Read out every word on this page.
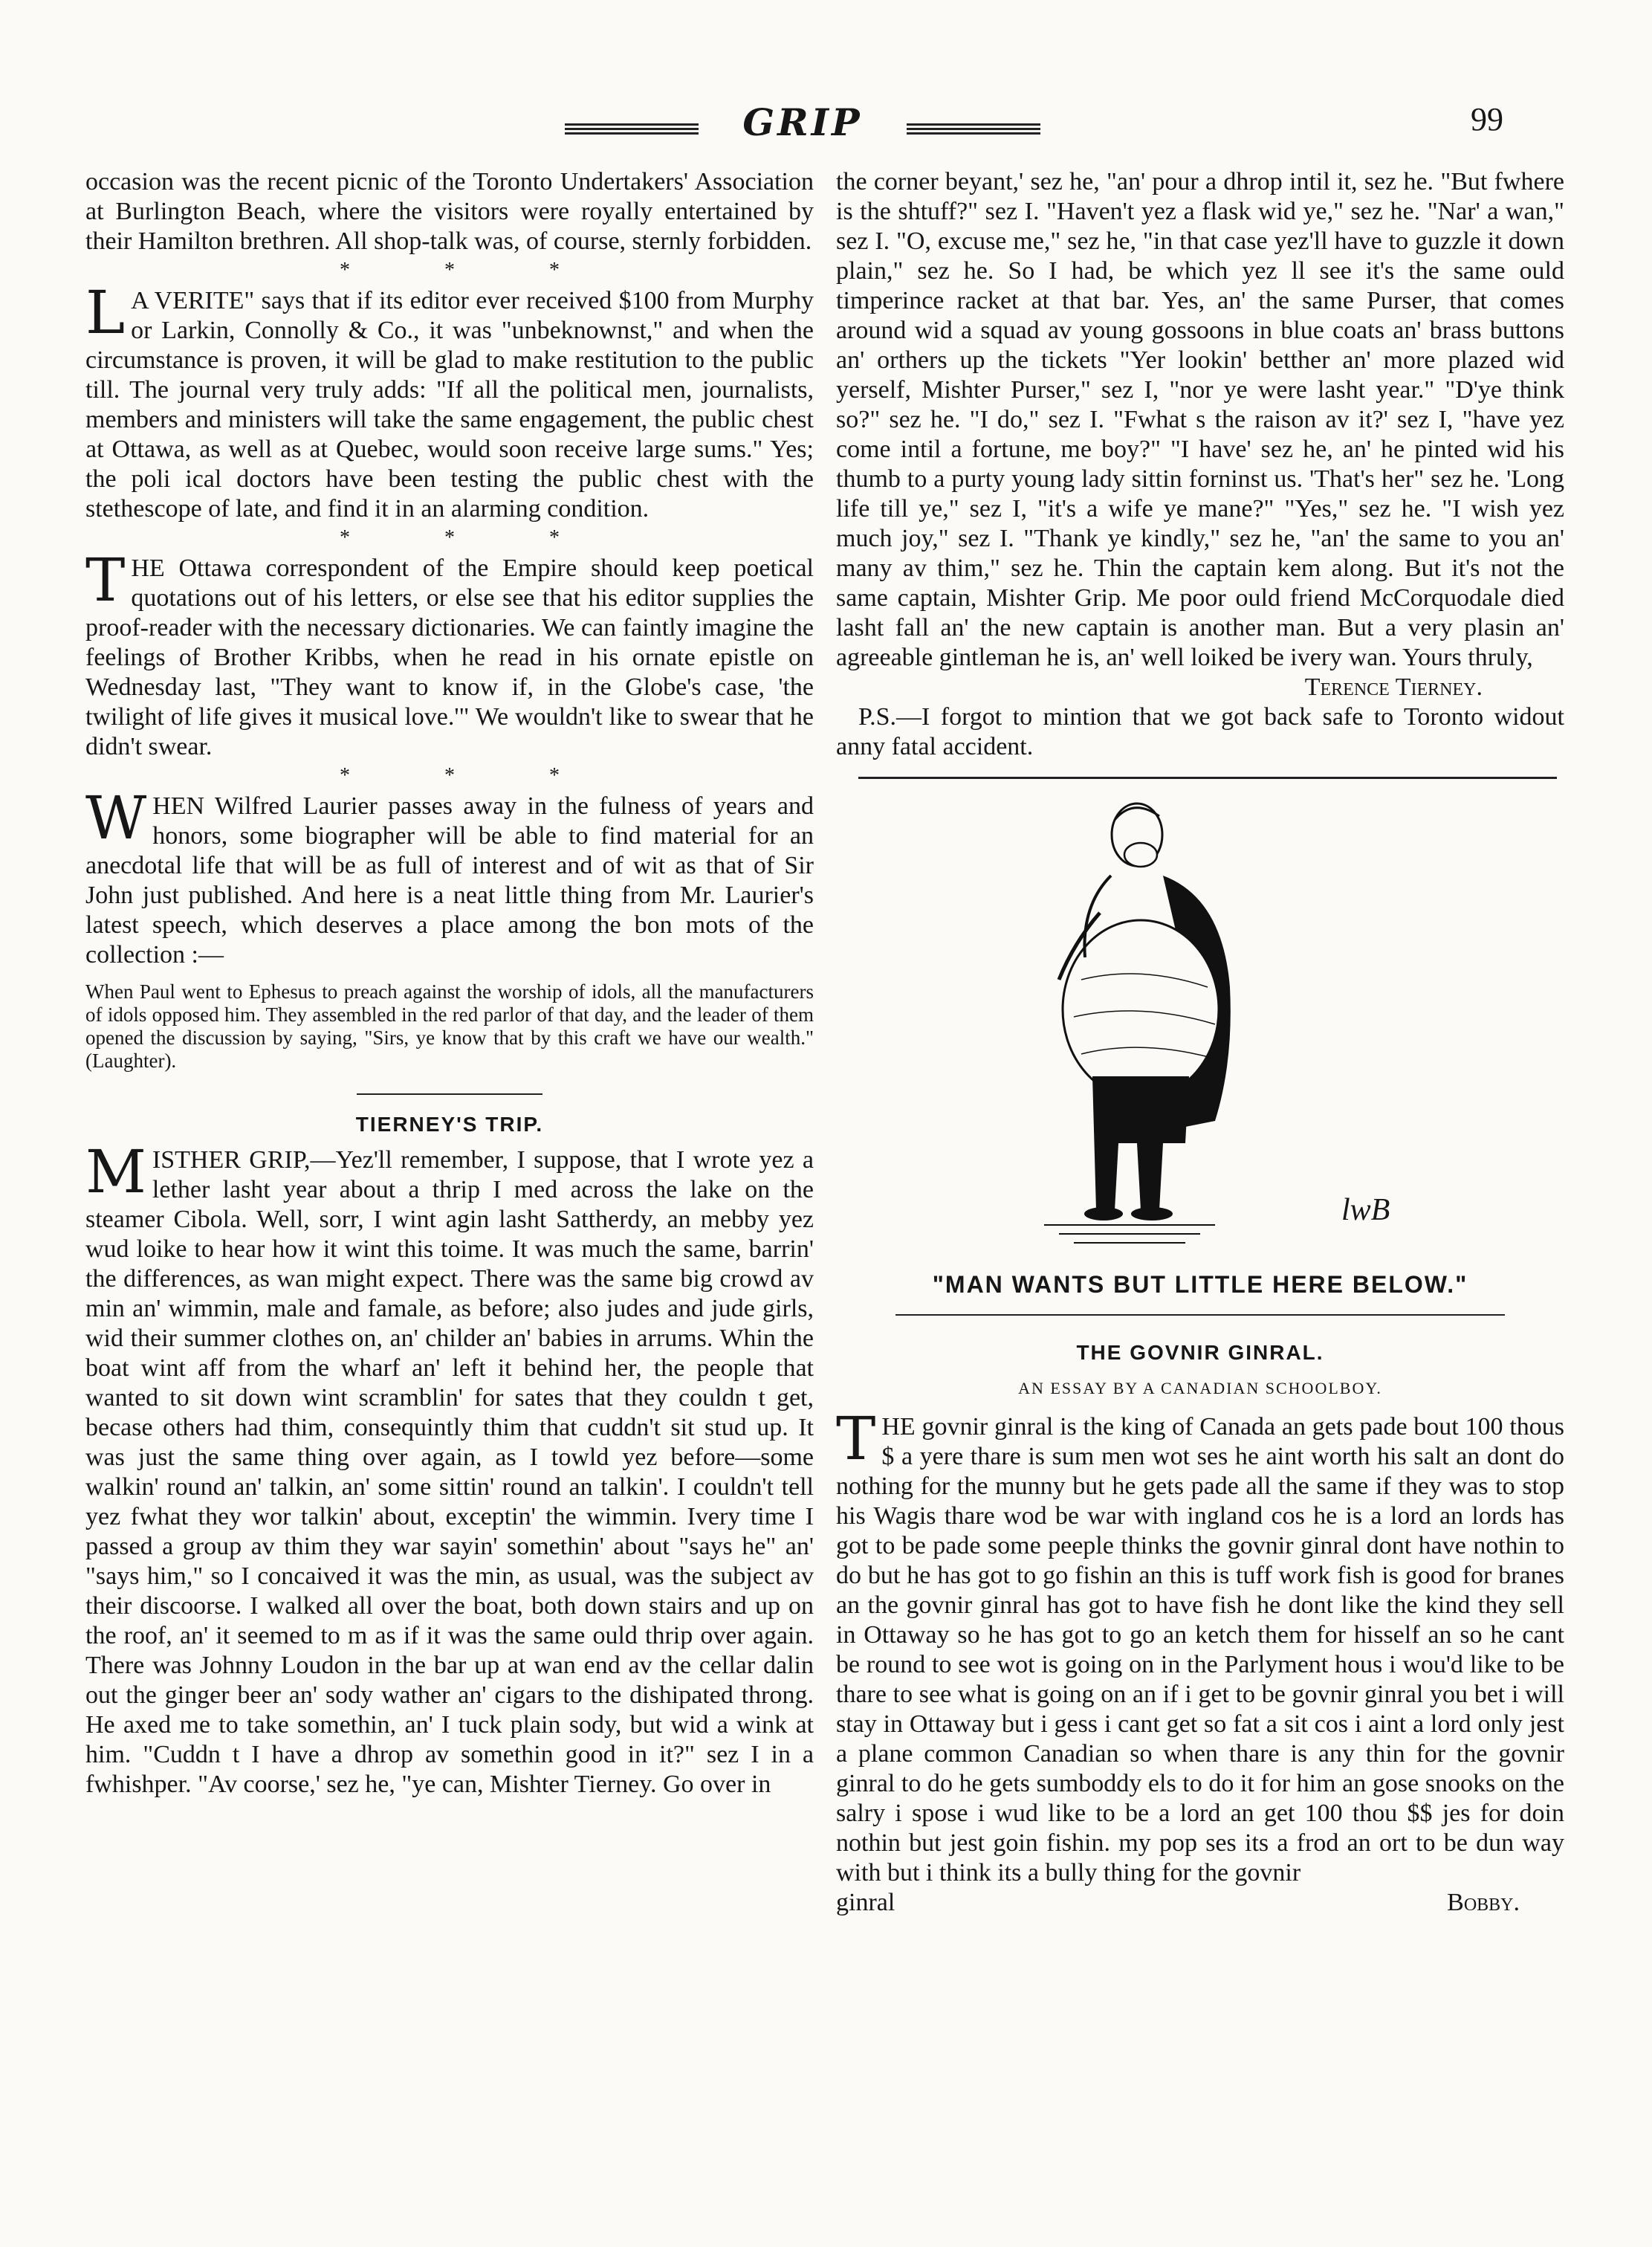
GRIP	99

occasion was the recent picnic of the Toronto Undertakers' Association at Burlington Beach, where the visitors were royally entertained by their Hamilton brethren. All shop-talk was, of course, sternly forbidden.

* * *

L A VERITE" says that if its editor ever received $100 from Murphy or Larkin, Connolly & Co., it was "unbeknownst," and when the circumstance is proven, it will be glad to make restitution to the public till. The journal very truly adds: "If all the political men, journalists, members and ministers will take the same engagement, the public chest at Ottawa, as well as at Quebec, would soon receive large sums." Yes; the poli ical doctors have been testing the public chest with the stethescope of late, and find it in an alarming condition.

* * *

THE Ottawa correspondent of the Empire should keep poetical quotations out of his letters, or else see that his editor supplies the proof-reader with the necessary dictionaries. We can faintly imagine the feelings of Brother Kribbs, when he read in his ornate epistle on Wednesday last, "They want to know if, in the Globe's case, 'the twilight of life gives it musical love.'" We wouldn't like to swear that he didn't swear.

* * *

WHEN Wilfred Laurier passes away in the fulness of years and honors, some biographer will be able to find material for an anecdotal life that will be as full of interest and of wit as that of Sir John just published. And here is a neat little thing from Mr. Laurier's latest speech, which deserves a place among the bon mots of the collection :—

When Paul went to Ephesus to preach against the worship of idols, all the manufacturers of idols opposed him. They assembled in the red parlor of that day, and the leader of them opened the discussion by saying, "Sirs, ye know that by this craft we have our wealth." (Laughter).

TIERNEY'S TRIP.

MISTHER GRIP,—Yez'll remember, I suppose, that I wrote yez a lether lasht year about a thrip I med across the lake on the steamer Cibola. Well, sorr, I wint agin lasht Sattherdy, an mebby yez wud loike to hear how it wint this toime. It was much the same, barrin' the differences, as wan might expect. There was the same big crowd av min an' wimmin, male and famale, as before; also judes and jude girls, wid their summer clothes on, an' childer an' babies in arrums. Whin the boat wint aff from the wharf an' left it behind her, the people that wanted to sit down wint scramblin' for sates that they couldn t get, becase others had thim, consequintly thim that cuddn't sit stud up. It was just the same thing over again, as I towld yez before—some walkin' round an' talkin, an' some sittin' round an talkin'. I couldn't tell yez fwhat they wor talkin' about, exceptin' the wimmin. Ivery time I passed a group av thim they war sayin' somethin' about "says he" an' "says him," so I concaived it was the min, as usual, was the subject av their discoorse. I walked all over the boat, both down stairs and up on the roof, an' it seemed to m as if it was the same ould thrip over again. There was Johnny Loudon in the bar up at wan end av the cellar dalin out the ginger beer an' sody wather an' cigars to the dishipated throng. He axed me to take somethin, an' I tuck plain sody, but wid a wink at him. "Cuddn t I have a dhrop av somethin good in it?" sez I in a fwhishper. "Av coorse,' sez he, "ye can, Mishter Tierney. Go over in

the corner beyant,' sez he, "an' pour a dhrop intil it, sez he. "But fwhere is the shtuff?" sez I. "Haven't yez a flask wid ye," sez he. "Nar' a wan," sez I. "O, excuse me," sez he, "in that case yez'll have to guzzle it down plain," sez he. So I had, be which yez ll see it's the same ould timperince racket at that bar. Yes, an' the same Purser, that comes around wid a squad av young gossoons in blue coats an' brass buttons an' orthers up the tickets "Yer lookin' betther an' more plazed wid yerself, Mishter Purser," sez I, "nor ye were lasht year." "D'ye think so?" sez he. "I do," sez I. "Fwhat s the raison av it?' sez I, "have yez come intil a fortune, me boy?" "I have' sez he, an' he pinted wid his thumb to a purty young lady sittin forninst us. 'That's her" sez he. 'Long life till ye," sez I, "it's a wife ye mane?" "Yes," sez he. "I wish yez much joy," sez I. "Thank ye kindly," sez he, "an' the same to you an' many av thim," sez he. Thin the captain kem along. But it's not the same captain, Mishter Grip. Me poor ould friend McCorquodale died lasht fall an' the new captain is another man. But a very plasin an' agreeable gintleman he is, an' well loiked be ivery wan. Yours thruly,

Terence Tierney.

P.S.—I forgot to mintion that we got back safe to Toronto widout anny fatal accident.

lwB
"MAN WANTS BUT LITTLE HERE BELOW."
THE GOVNIR GINRAL.
AN ESSAY BY A CANADIAN SCHOOLBOY.

THE govnir ginral is the king of Canada an gets pade bout 100 thous $ a yere thare is sum men wot ses he aint worth his salt an dont do nothing for the munny but he gets pade all the same if they was to stop his Wagis thare wod be war with ingland cos he is a lord an lords has got to be pade some peeple thinks the govnir ginral dont have nothin to do but he has got to go fishin an this is tuff work fish is good for branes an the govnir ginral has got to have fish he dont like the kind they sell in Ottaway so he has got to go an ketch them for hisself an so he cant be round to see wot is going on in the Parlyment hous i wou'd like to be thare to see what is going on an if i get to be govnir ginral you bet i will stay in Ottaway but i gess i cant get so fat a sit cos i aint a lord only jest a plane common Canadian so when thare is any thin for the govnir ginral to do he gets sumboddy els to do it for him an gose snooks on the salry i spose i wud like to be a lord an get 100 thou $$ jes for doin nothin but jest goin fishin. my pop ses its a frod an ort to be dun way with but i think its a bully thing for the govnir

ginral	Bobby.
